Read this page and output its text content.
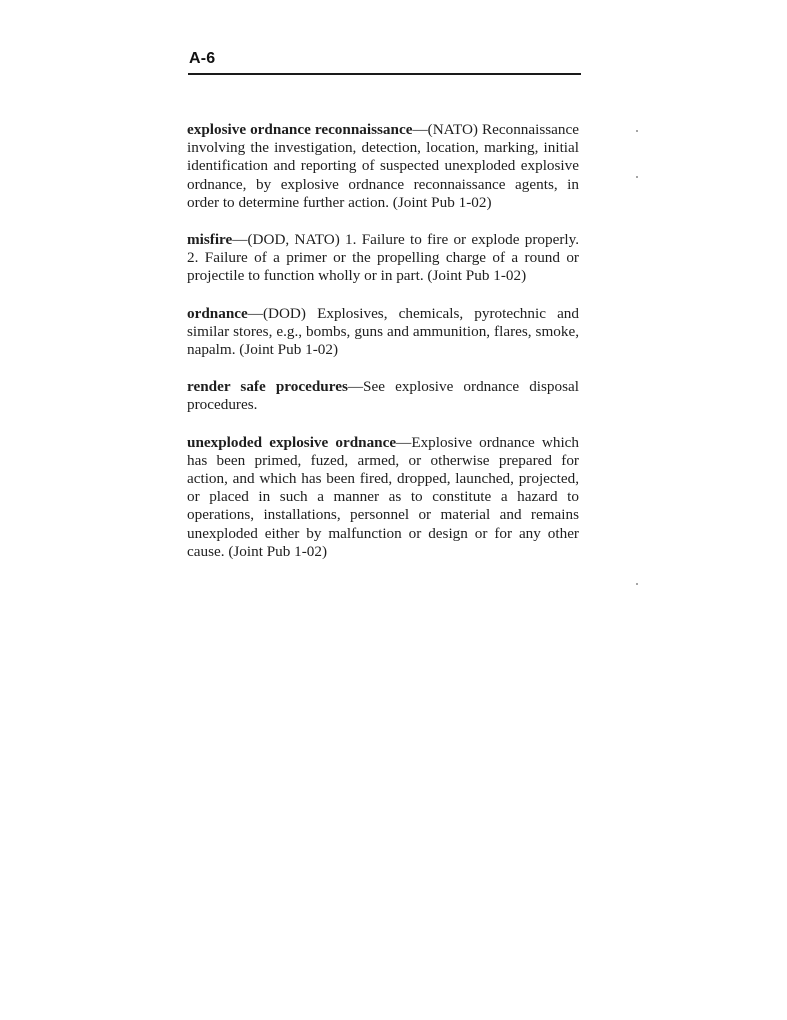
A-6

explosive ordnance reconnaissance—(NATO) Reconnaissance involving the investigation, detection, location, marking, initial identification and reporting of suspected unexploded explosive ordnance, by explosive ordnance reconnaissance agents, in order to determine further action. (Joint Pub 1-02)

misfire—(DOD, NATO) 1. Failure to fire or explode properly. 2. Failure of a primer or the propelling charge of a round or projectile to function wholly or in part. (Joint Pub 1-02)

ordnance—(DOD) Explosives, chemicals, pyrotechnic and similar stores, e.g., bombs, guns and ammunition, flares, smoke, napalm. (Joint Pub 1-02)

render safe procedures—See explosive ordnance disposal procedures.

unexploded explosive ordnance—Explosive ordnance which has been primed, fuzed, armed, or otherwise prepared for action, and which has been fired, dropped, launched, projected, or placed in such a manner as to constitute a hazard to operations, installations, personnel or material and remains unexploded either by malfunction or design or for any other cause. (Joint Pub 1-02)
